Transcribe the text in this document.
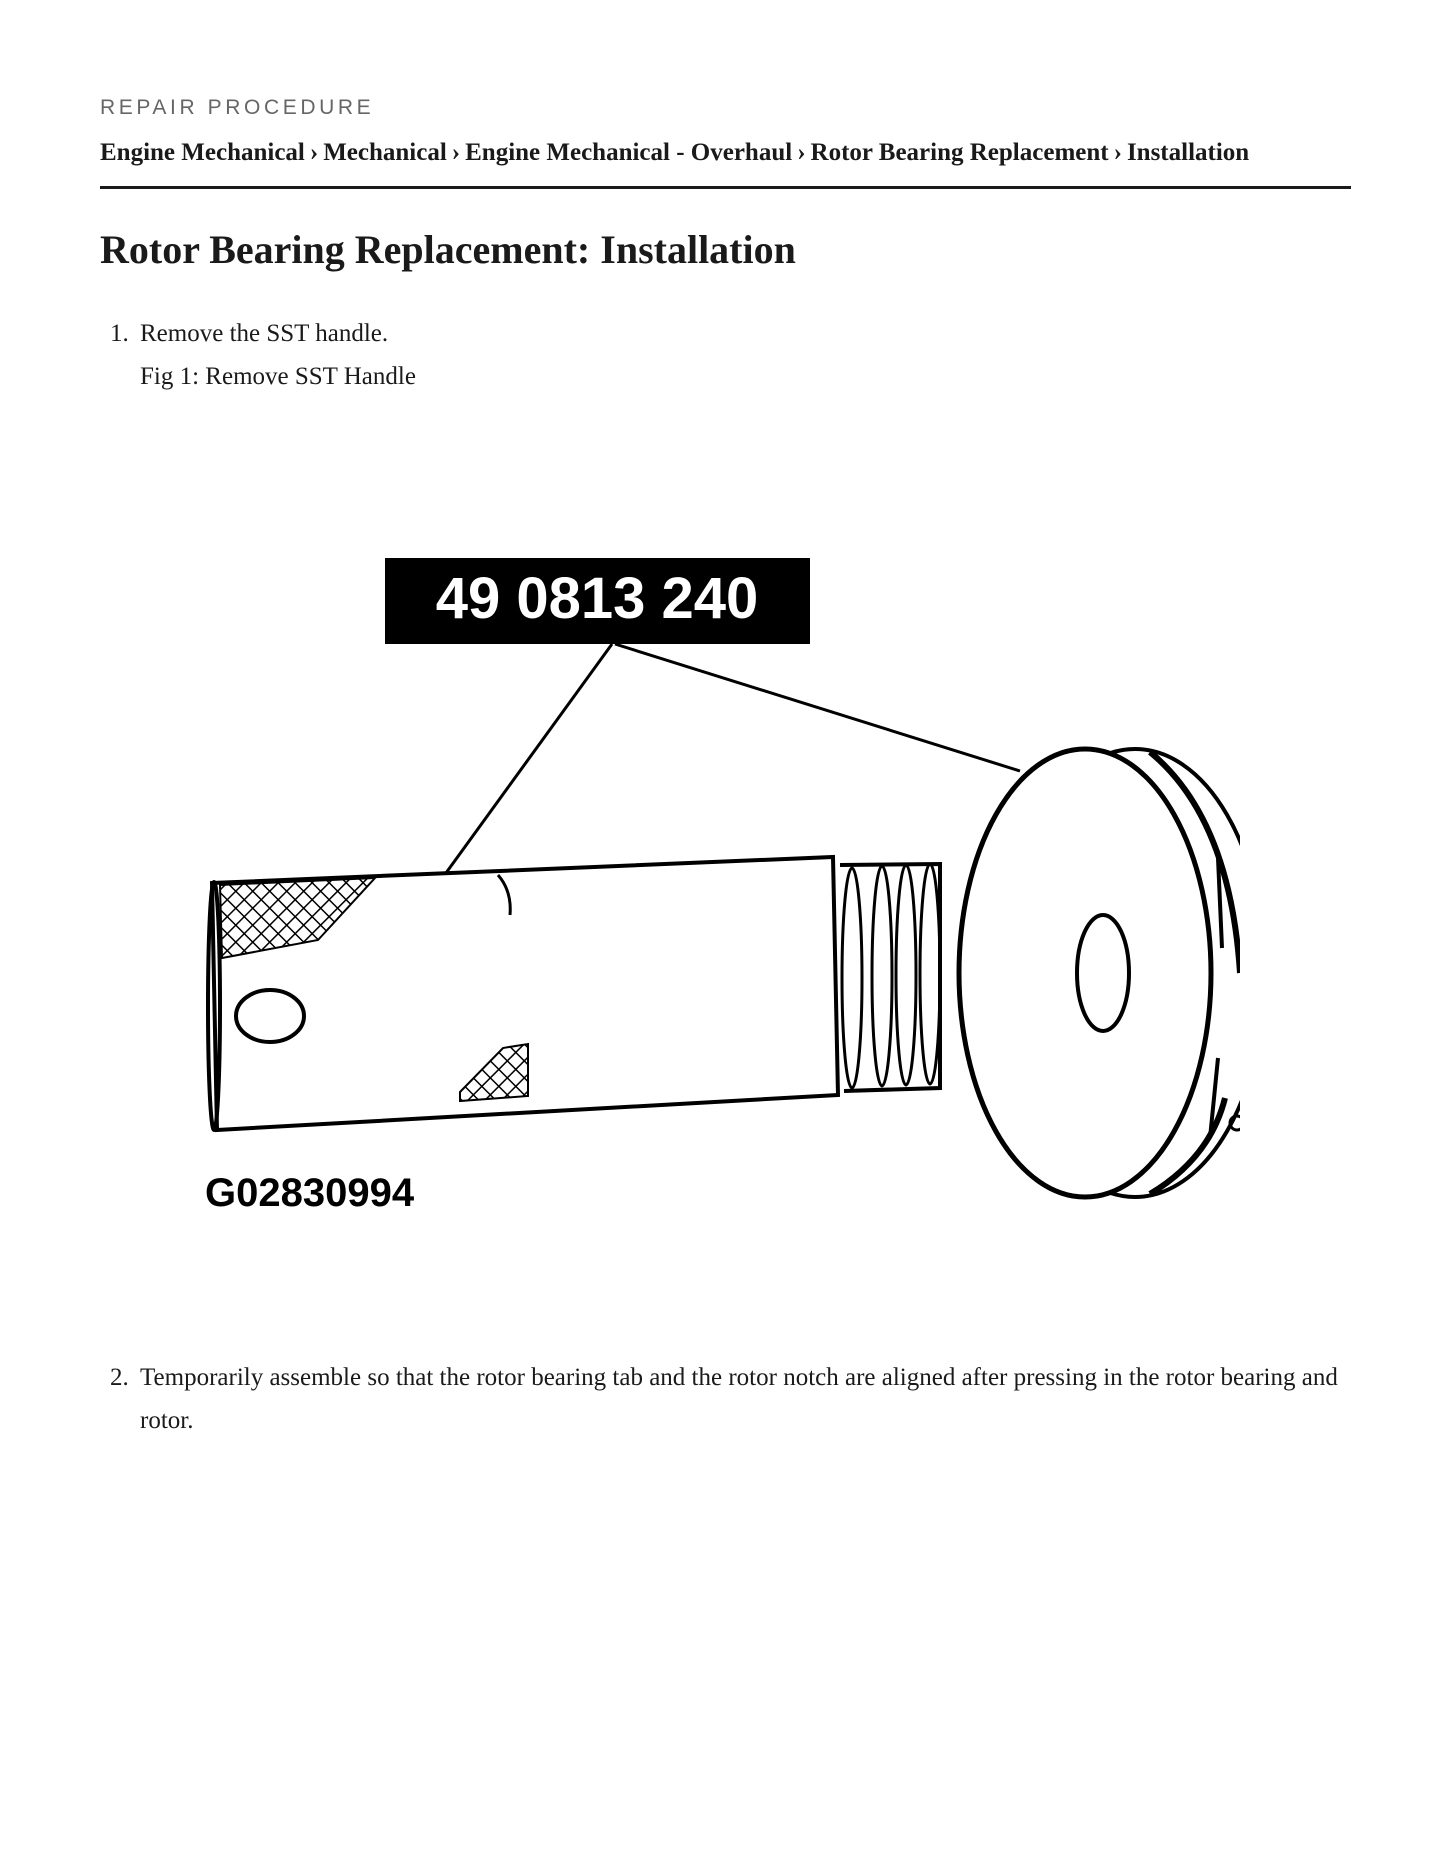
REPAIR PROCEDURE
Engine Mechanical › Mechanical › Engine Mechanical - Overhaul › Rotor Bearing Replacement › Installation
Rotor Bearing Replacement: Installation
1. Remove the SST handle.
Fig 1: Remove SST Handle
49 0813 240
G02830994
2. Temporarily assemble so that the rotor bearing tab and the rotor notch are aligned after pressing in the rotor bearing and rotor.
